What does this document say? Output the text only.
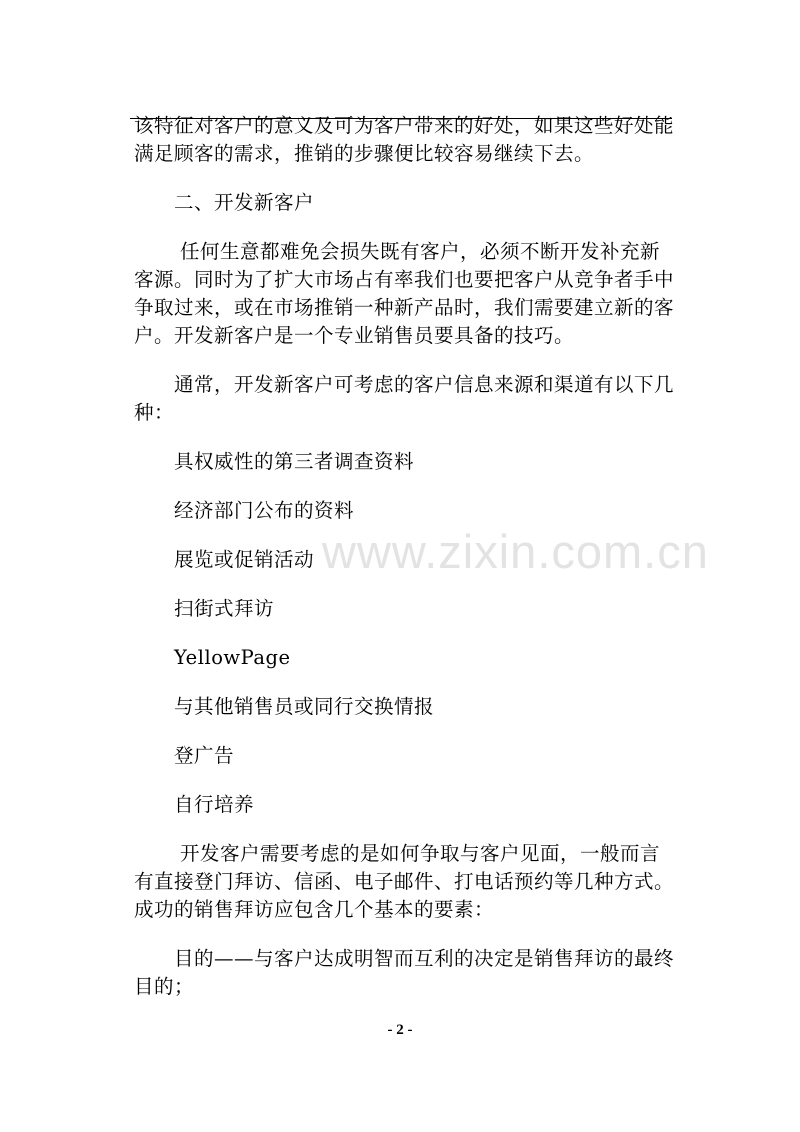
该特征对客户的意义及可为客户带来的好处，如果这些好处能满足顾客的需求，推销的步骤便比较容易继续下去。

二、开发新客户

任何生意都难免会损失既有客户，必须不断开发补充新客源。同时为了扩大市场占有率我们也要把客户从竞争者手中争取过来，或在市场推销一种新产品时，我们需要建立新的客户。开发新客户是一个专业销售员要具备的技巧。

通常，开发新客户可考虑的客户信息来源和渠道有以下几种：

具权威性的第三者调查资料

经济部门公布的资料

展览或促销活动

扫街式拜访

YellowPage

与其他销售员或同行交换情报

登广告

自行培养

开发客户需要考虑的是如何争取与客户见面，一般而言有直接登门拜访、信函、电子邮件、打电话预约等几种方式。成功的销售拜访应包含几个基本的要素：

目的——与客户达成明智而互利的决定是销售拜访的最终目的；

www.zixin.com.cn
- 2 -
